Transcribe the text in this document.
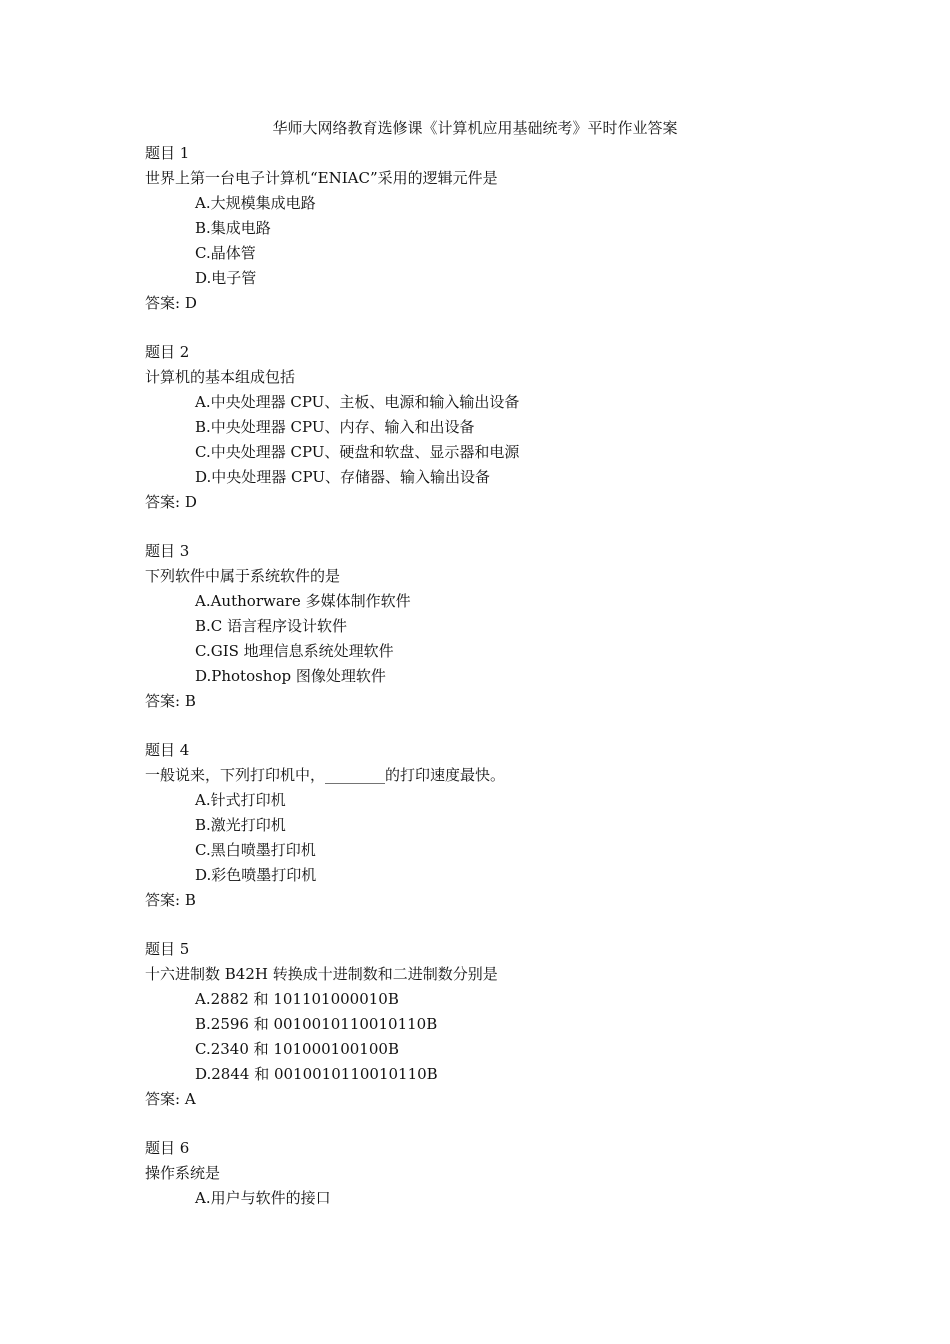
华师大网络教育选修课《计算机应用基础统考》平时作业答案
题目 1
世界上第一台电子计算机“ENIAC”采用的逻辑元件是
A.大规模集成电路
B.集成电路
C.晶体管
D.电子管
答案: D
题目 2
计算机的基本组成包括
A.中央处理器 CPU、主板、电源和输入输出设备
B.中央处理器 CPU、内存、输入和出设备
C.中央处理器 CPU、硬盘和软盘、显示器和电源
D.中央处理器 CPU、存储器、输入输出设备
答案: D
题目 3
下列软件中属于系统软件的是
A.Authorware 多媒体制作软件
B.C 语言程序设计软件
C.GIS 地理信息系统处理软件
D.Photoshop 图像处理软件
答案: B
题目 4
一般说来，下列打印机中，________的打印速度最快。
A.针式打印机
B.激光打印机
C.黑白喷墨打印机
D.彩色喷墨打印机
答案: B
题目 5
十六进制数 B42H 转换成十进制数和二进制数分别是
A.2882 和 101101000010B
B.2596 和 0010010110010110B
C.2340 和 101000100100B
D.2844 和 0010010110010110B
答案: A
题目 6
操作系统是
A.用户与软件的接口
